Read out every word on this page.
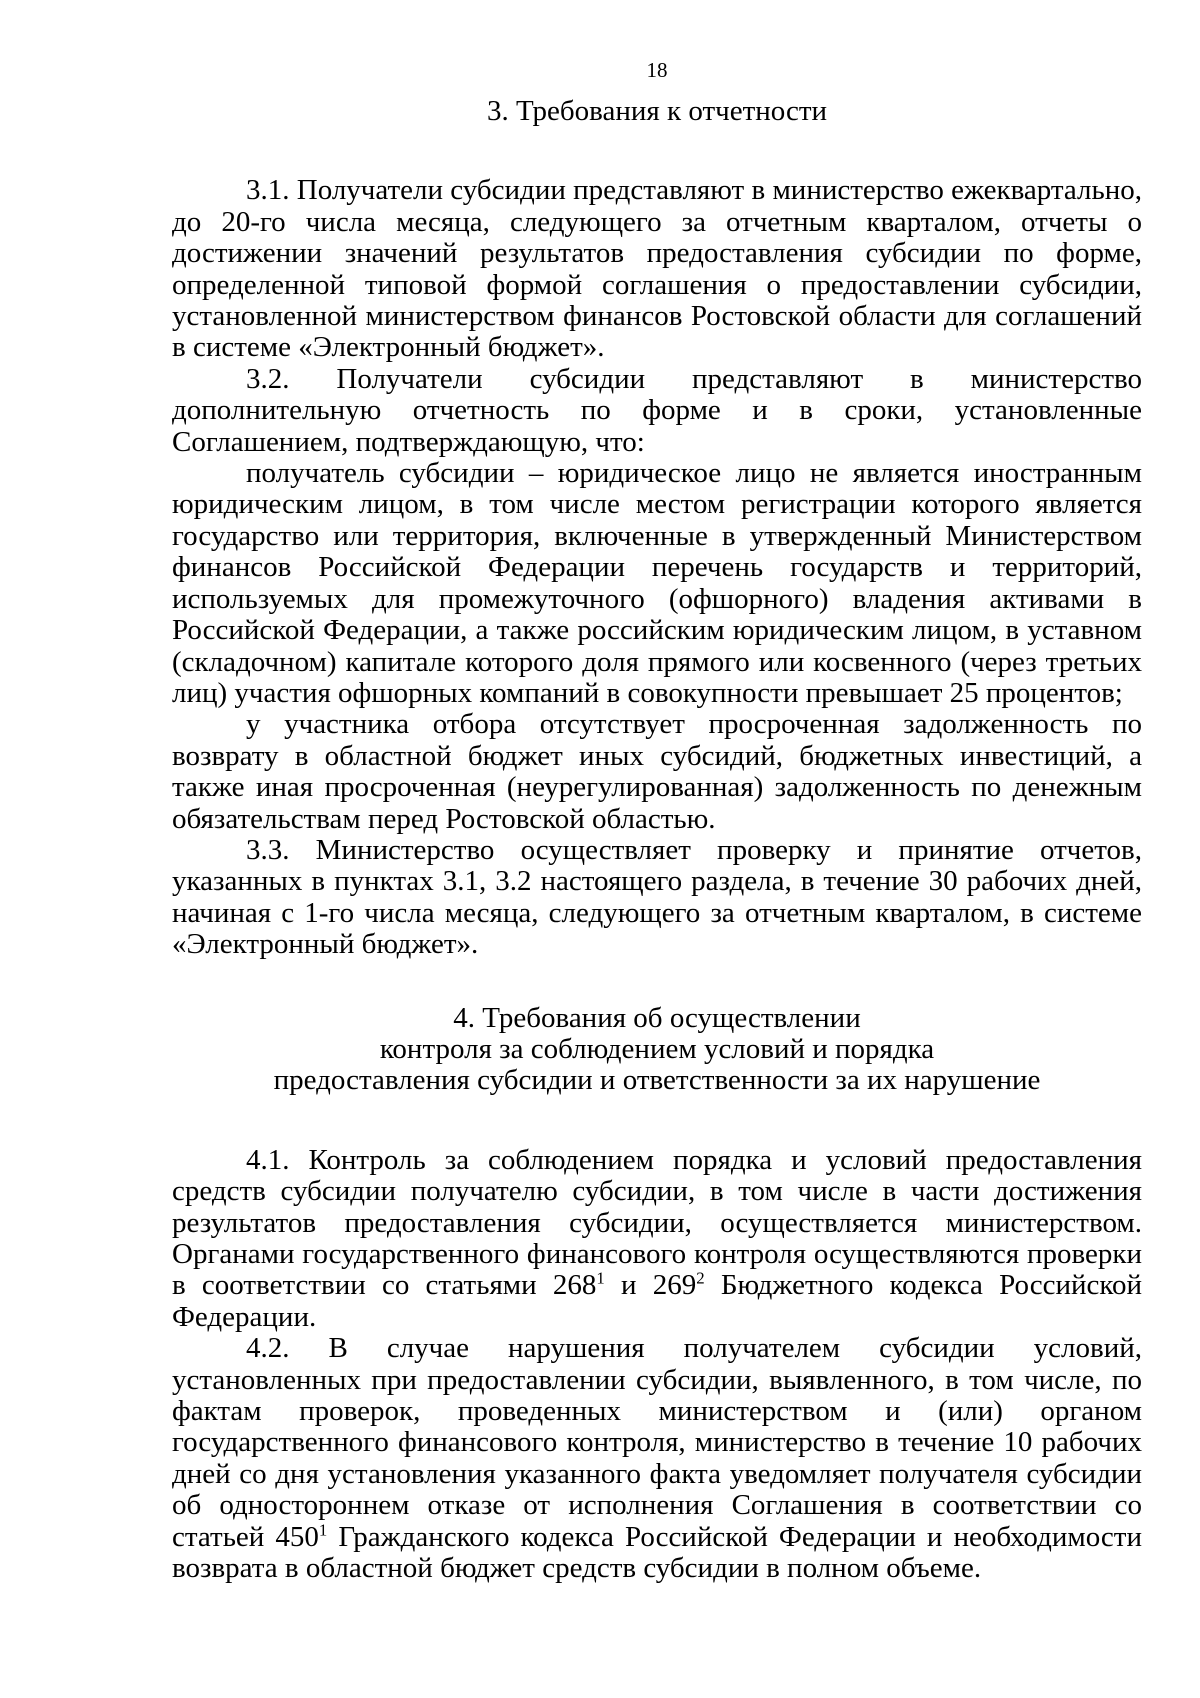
18
3. Требования к отчетности

3.1. Получатели субсидии представляют в министерство ежеквартально, до 20-го числа месяца, следующего за отчетным кварталом, отчеты о достижении значений результатов предоставления субсидии по форме, определенной типовой формой соглашения о предоставлении субсидии, установленной министерством финансов Ростовской области для соглашений в системе «Электронный бюджет».

3.2. Получатели субсидии представляют в министерство дополнительную отчетность по форме и в сроки, установленные Соглашением, подтверждающую, что:

получатель субсидии – юридическое лицо не является иностранным юридическим лицом, в том числе местом регистрации которого является государство или территория, включенные в утвержденный Министерством финансов Российской Федерации перечень государств и территорий, используемых для промежуточного (офшорного) владения активами в Российской Федерации, а также российским юридическим лицом, в уставном (складочном) капитале которого доля прямого или косвенного (через третьих лиц) участия офшорных компаний в совокупности превышает 25 процентов;

у участника отбора отсутствует просроченная задолженность по возврату в областной бюджет иных субсидий, бюджетных инвестиций, а также иная просроченная (неурегулированная) задолженность по денежным обязательствам перед Ростовской областью.

3.3. Министерство осуществляет проверку и принятие отчетов, указанных в пунктах 3.1, 3.2 настоящего раздела, в течение 30 рабочих дней, начиная с 1-го числа месяца, следующего за отчетным кварталом, в системе «Электронный бюджет».

4. Требования об осуществлении
контроля за соблюдением условий и порядка
предоставления субсидии и ответственности за их нарушение

4.1. Контроль за соблюдением порядка и условий предоставления средств субсидии получателю субсидии, в том числе в части достижения результатов предоставления субсидии, осуществляется министерством. Органами государственного финансового контроля осуществляются проверки в соответствии со статьями $268^1$ и $269^2$ Бюджетного кодекса Российской Федерации.

4.2. В случае нарушения получателем субсидии условий, установленных при предоставлении субсидии, выявленного, в том числе, по фактам проверок, проведенных министерством и (или) органом государственного финансового контроля, министерство в течение 10 рабочих дней со дня установления указанного факта уведомляет получателя субсидии об одностороннем отказе от исполнения Соглашения в соответствии со статьей $450^1$ Гражданского кодекса Российской Федерации и необходимости возврата в областной бюджет средств субсидии в полном объеме.
